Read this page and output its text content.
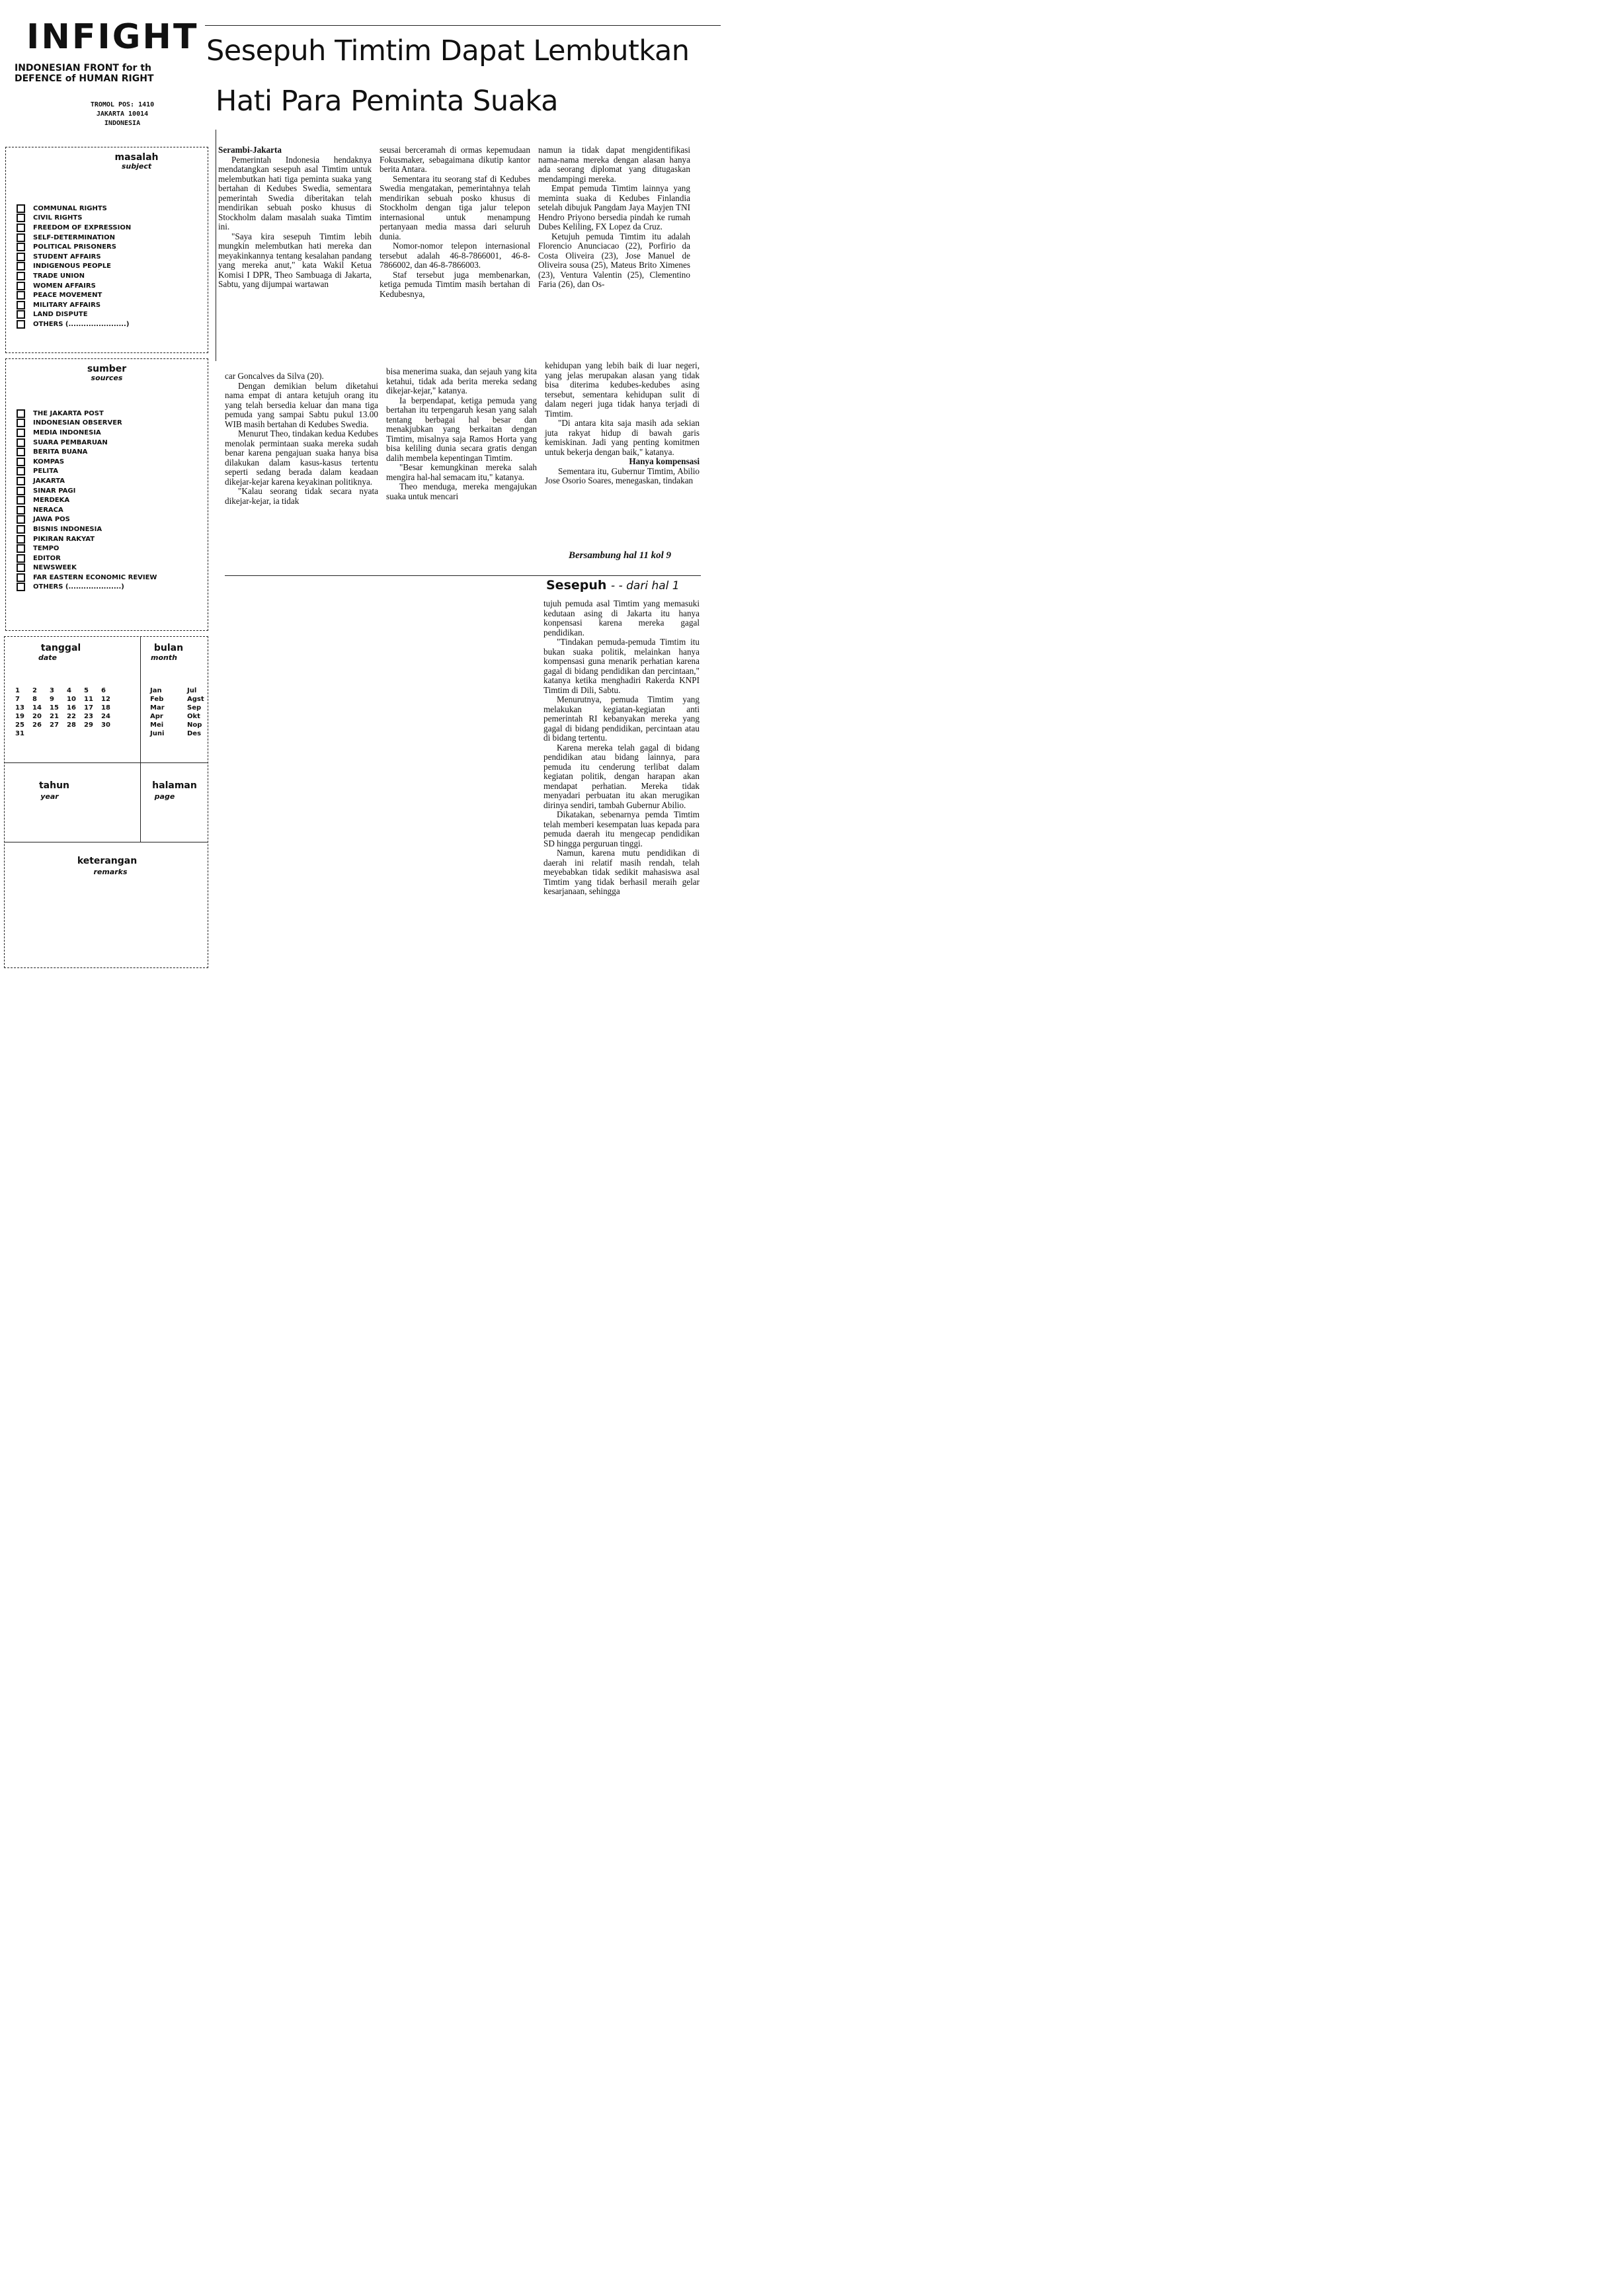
INFIGHT
INDONESIAN FRONT for th
DEFENCE of HUMAN RIGHT
TROMOL POS: 1410
JAKARTA 10014
INDONESIA
masalah
subject
COMMUNAL RIGHTS
CIVIL RIGHTS
FREEDOM OF EXPRESSION
SELF-DETERMINATION
POLITICAL PRISONERS
STUDENT AFFAIRS
INDIGENOUS PEOPLE
TRADE UNION
WOMEN AFFAIRS
PEACE MOVEMENT
MILITARY AFFAIRS
LAND DISPUTE
OTHERS (.......................)
sumber
sources
THE JAKARTA POST
INDONESIAN OBSERVER
MEDIA INDONESIA
SUARA PEMBARUAN
BERITA BUANA
KOMPAS
PELITA
JAKARTA
SINAR PAGI
MERDEKA
NERACA
JAWA POS
BISNIS INDONESIA
PIKIRAN RAKYAT
TEMPO
EDITOR
NEWSWEEK
FAR EASTERN ECONOMIC REVIEW
OTHERS (.....................)
tanggal
date
1	2	3	4	5	6
7	8	9	10	11	12
13	14	15	16	17	18
19	20	21	22	23	24
25	26	27	28	29	30
31
bulan
month
Jan	Jul
Feb	Agst
Mar	Sep
Apr	Okt
Mei	Nop
Juni	Des
tahun
year
halaman
page
keterangan
remarks
Sesepuh Timtim Dapat Lembutkan
Hati Para Peminta Suaka

Serambi-Jakarta

Pemerintah Indonesia hendaknya mendatangkan sesepuh asal Timtim untuk melembutkan hati tiga peminta suaka yang bertahan di Kedubes Swedia, sementara pemerintah Swedia diberitakan telah mendirikan sebuah posko khusus di Stockholm dalam masalah suaka Timtim ini.

"Saya kira sesepuh Timtim lebih mungkin melembutkan hati mereka dan meyakinkannya tentang kesalahan pandang yang mereka anut," kata Wakil Ketua Komisi I DPR, Theo Sambuaga di Jakarta, Sabtu, yang dijumpai wartawan

seusai berceramah di ormas kepemudaan Fokusmaker, sebagaimana dikutip kantor berita Antara.

Sementara itu seorang staf di Kedubes Swedia mengatakan, pemerintahnya telah mendirikan sebuah posko khusus di Stockholm dengan tiga jalur telepon internasional untuk menampung pertanyaan media massa dari seluruh dunia.

Nomor-nomor telepon internasional tersebut adalah 46-8-7866001, 46-8-7866002, dan 46-8-7866003.

Staf tersebut juga membenarkan, ketiga pemuda Timtim masih bertahan di Kedubesnya,

namun ia tidak dapat mengidentifikasi nama-nama mereka dengan alasan hanya ada seorang diplomat yang ditugaskan mendampingi mereka.

Empat pemuda Timtim lainnya yang meminta suaka di Kedubes Finlandia setelah dibujuk Pangdam Jaya Mayjen TNI Hendro Priyono bersedia pindah ke rumah Dubes Keliling, FX Lopez da Cruz.

Ketujuh pemuda Timtim itu adalah Florencio Anunciacao (22), Porfirio da Costa Oliveira (23), Jose Manuel de Oliveira sousa (25), Mateus Brito Ximenes (23), Ventura Valentin (25), Clementino Faria (26), dan Os-

car Goncalves da Silva (20).

Dengan demikian belum diketahui nama empat di antara ketujuh orang itu yang telah bersedia keluar dan mana tiga pemuda yang sampai Sabtu pukul 13.00 WIB masih bertahan di Kedubes Swedia.

Menurut Theo, tindakan kedua Kedubes menolak permintaan suaka mereka sudah benar karena pengajuan suaka hanya bisa dilakukan dalam kasus-kasus tertentu seperti sedang berada dalam keadaan dikejar-kejar karena keyakinan politiknya.

"Kalau seorang tidak secara nyata dikejar-kejar, ia tidak

bisa menerima suaka, dan sejauh yang kita ketahui, tidak ada berita mereka sedang dikejar-kejar," katanya.

Ia berpendapat, ketiga pemuda yang bertahan itu terpengaruh kesan yang salah tentang berbagai hal besar dan menakjubkan yang berkaitan dengan Timtim, misalnya saja Ramos Horta yang bisa keliling dunia secara gratis dengan dalih membela kepentingan Timtim.

"Besar kemungkinan mereka salah mengira hal-hal semacam itu," katanya.

Theo menduga, mereka mengajukan suaka untuk mencari

kehidupan yang lebih baik di luar negeri, yang jelas merupakan alasan yang tidak bisa diterima kedubes-kedubes asing tersebut, sementara kehidupan sulit di dalam negeri juga tidak hanya terjadi di Timtim.

"Di antara kita saja masih ada sekian juta rakyat hidup di bawah garis kemiskinan. Jadi yang penting komitmen untuk bekerja dengan baik," katanya.

Hanya kompensasi

Sementara itu, Gubernur Timtim, Abilio Jose Osorio Soares, menegaskan, tindakan

Bersambung hal 11 kol 9
Sesepuh - - dari hal 1

tujuh pemuda asal Timtim yang memasuki kedutaan asing di Jakarta itu hanya konpensasi karena mereka gagal pendidikan.

"Tindakan pemuda-pemuda Timtim itu bukan suaka politik, melainkan hanya kompensasi guna menarik perhatian karena gagal di bidang pendidikan dan percintaan," katanya ketika menghadiri Rakerda KNPI Timtim di Dili, Sabtu.

Menurutnya, pemuda Timtim yang melakukan kegiatan-kegiatan anti pemerintah RI kebanyakan mereka yang gagal di bidang pendidikan, percintaan atau di bidang tertentu.

Karena mereka telah gagal di bidang pendidikan atau bidang lainnya, para pemuda itu cenderung terlibat dalam kegiatan politik, dengan harapan akan mendapat perhatian. Mereka tidak menyadari perbuatan itu akan merugikan dirinya sendiri, tambah Gubernur Abilio.

Dikatakan, sebenarnya pemda Timtim telah memberi kesempatan luas kepada para pemuda daerah itu mengecap pendidikan SD hingga perguruan tinggi.

Namun, karena mutu pendidikan di daerah ini relatif masih rendah, telah meyebabkan tidak sedikit mahasiswa asal Timtim yang tidak berhasil meraih gelar kesarjanaan, sehingga
